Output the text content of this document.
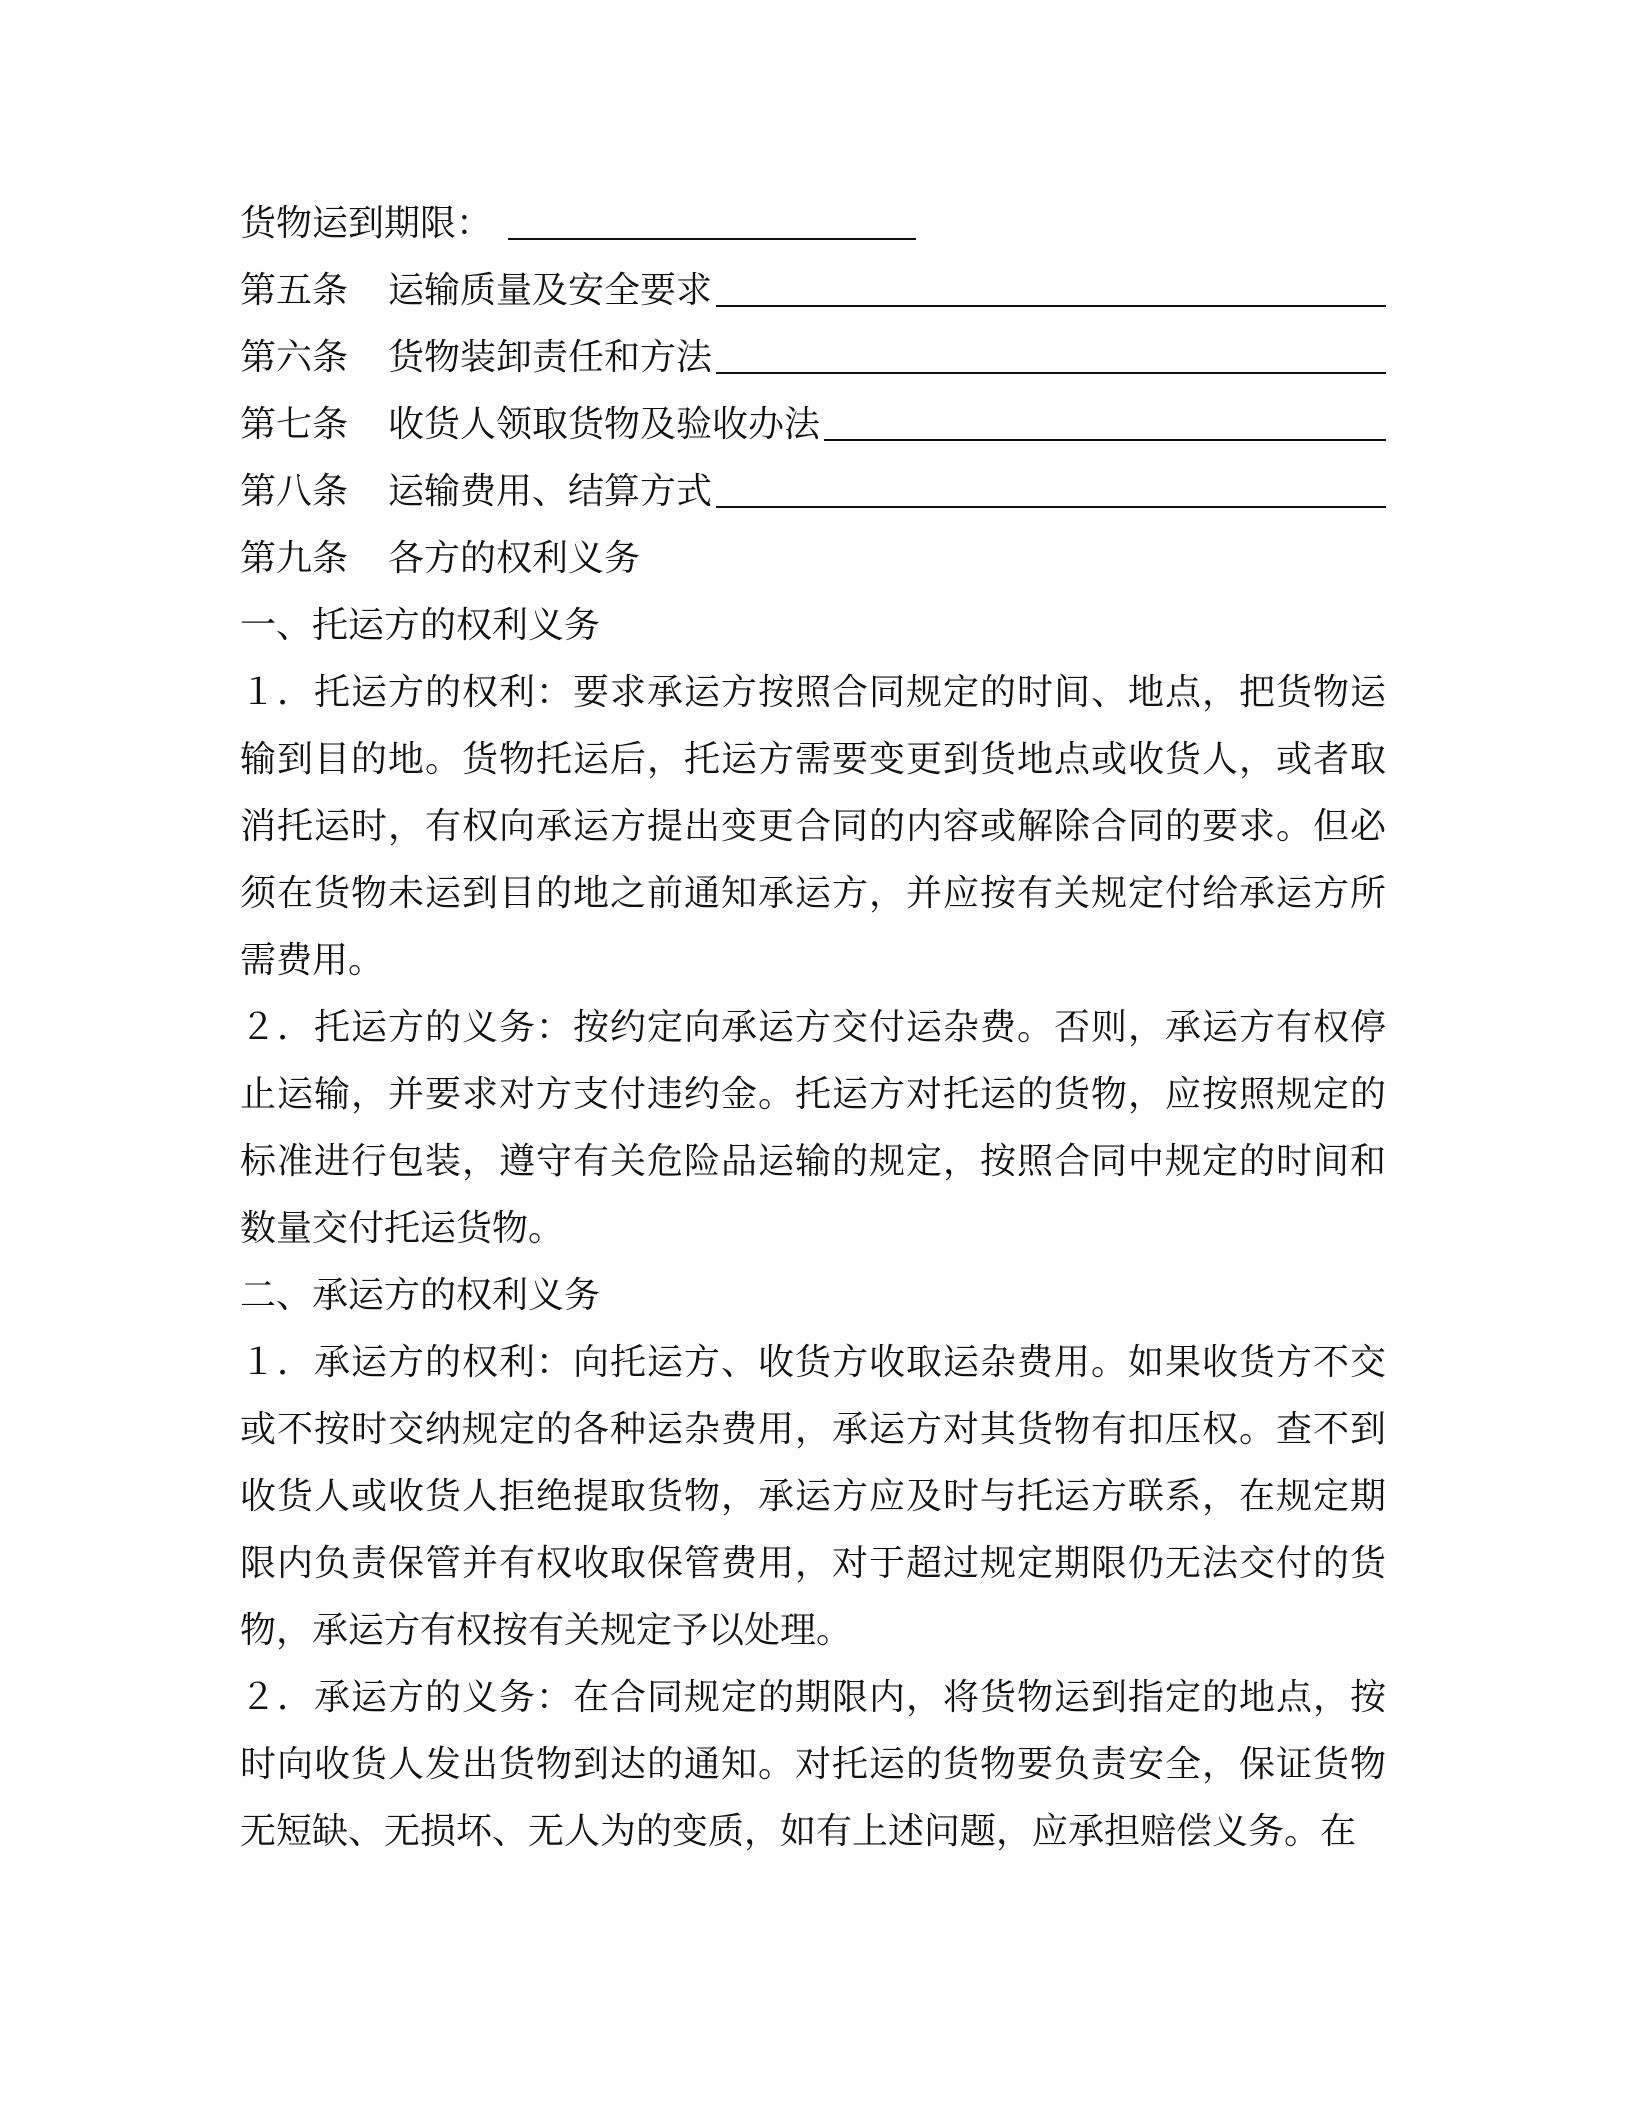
货物运到期限：
第五条	运输质量及安全要求
第六条	货物装卸责任和方法
第七条	收货人领取货物及验收办法
第八条	运输费用、结算方式
第九条	各方的权利义务
一、托运方的权利义务
１．托运方的权利：要求承运方按照合同规定的时间、地点，把货物运输到目的地。货物托运后，托运方需要变更到货地点或收货人，或者取消托运时，有权向承运方提出变更合同的内容或解除合同的要求。但必须在货物未运到目的地之前通知承运方，并应按有关规定付给承运方所需费用。
２．托运方的义务：按约定向承运方交付运杂费。否则，承运方有权停止运输，并要求对方支付违约金。托运方对托运的货物，应按照规定的标准进行包装，遵守有关危险品运输的规定，按照合同中规定的时间和数量交付托运货物。
二、承运方的权利义务
１．承运方的权利：向托运方、收货方收取运杂费用。如果收货方不交或不按时交纳规定的各种运杂费用，承运方对其货物有扣压权。查不到收货人或收货人拒绝提取货物，承运方应及时与托运方联系，在规定期限内负责保管并有权收取保管费用，对于超过规定期限仍无法交付的货物，承运方有权按有关规定予以处理。
２．承运方的义务：在合同规定的期限内，将货物运到指定的地点，按时向收货人发出货物到达的通知。对托运的货物要负责安全，保证货物无短缺、无损坏、无人为的变质，如有上述问题，应承担赔偿义务。在
